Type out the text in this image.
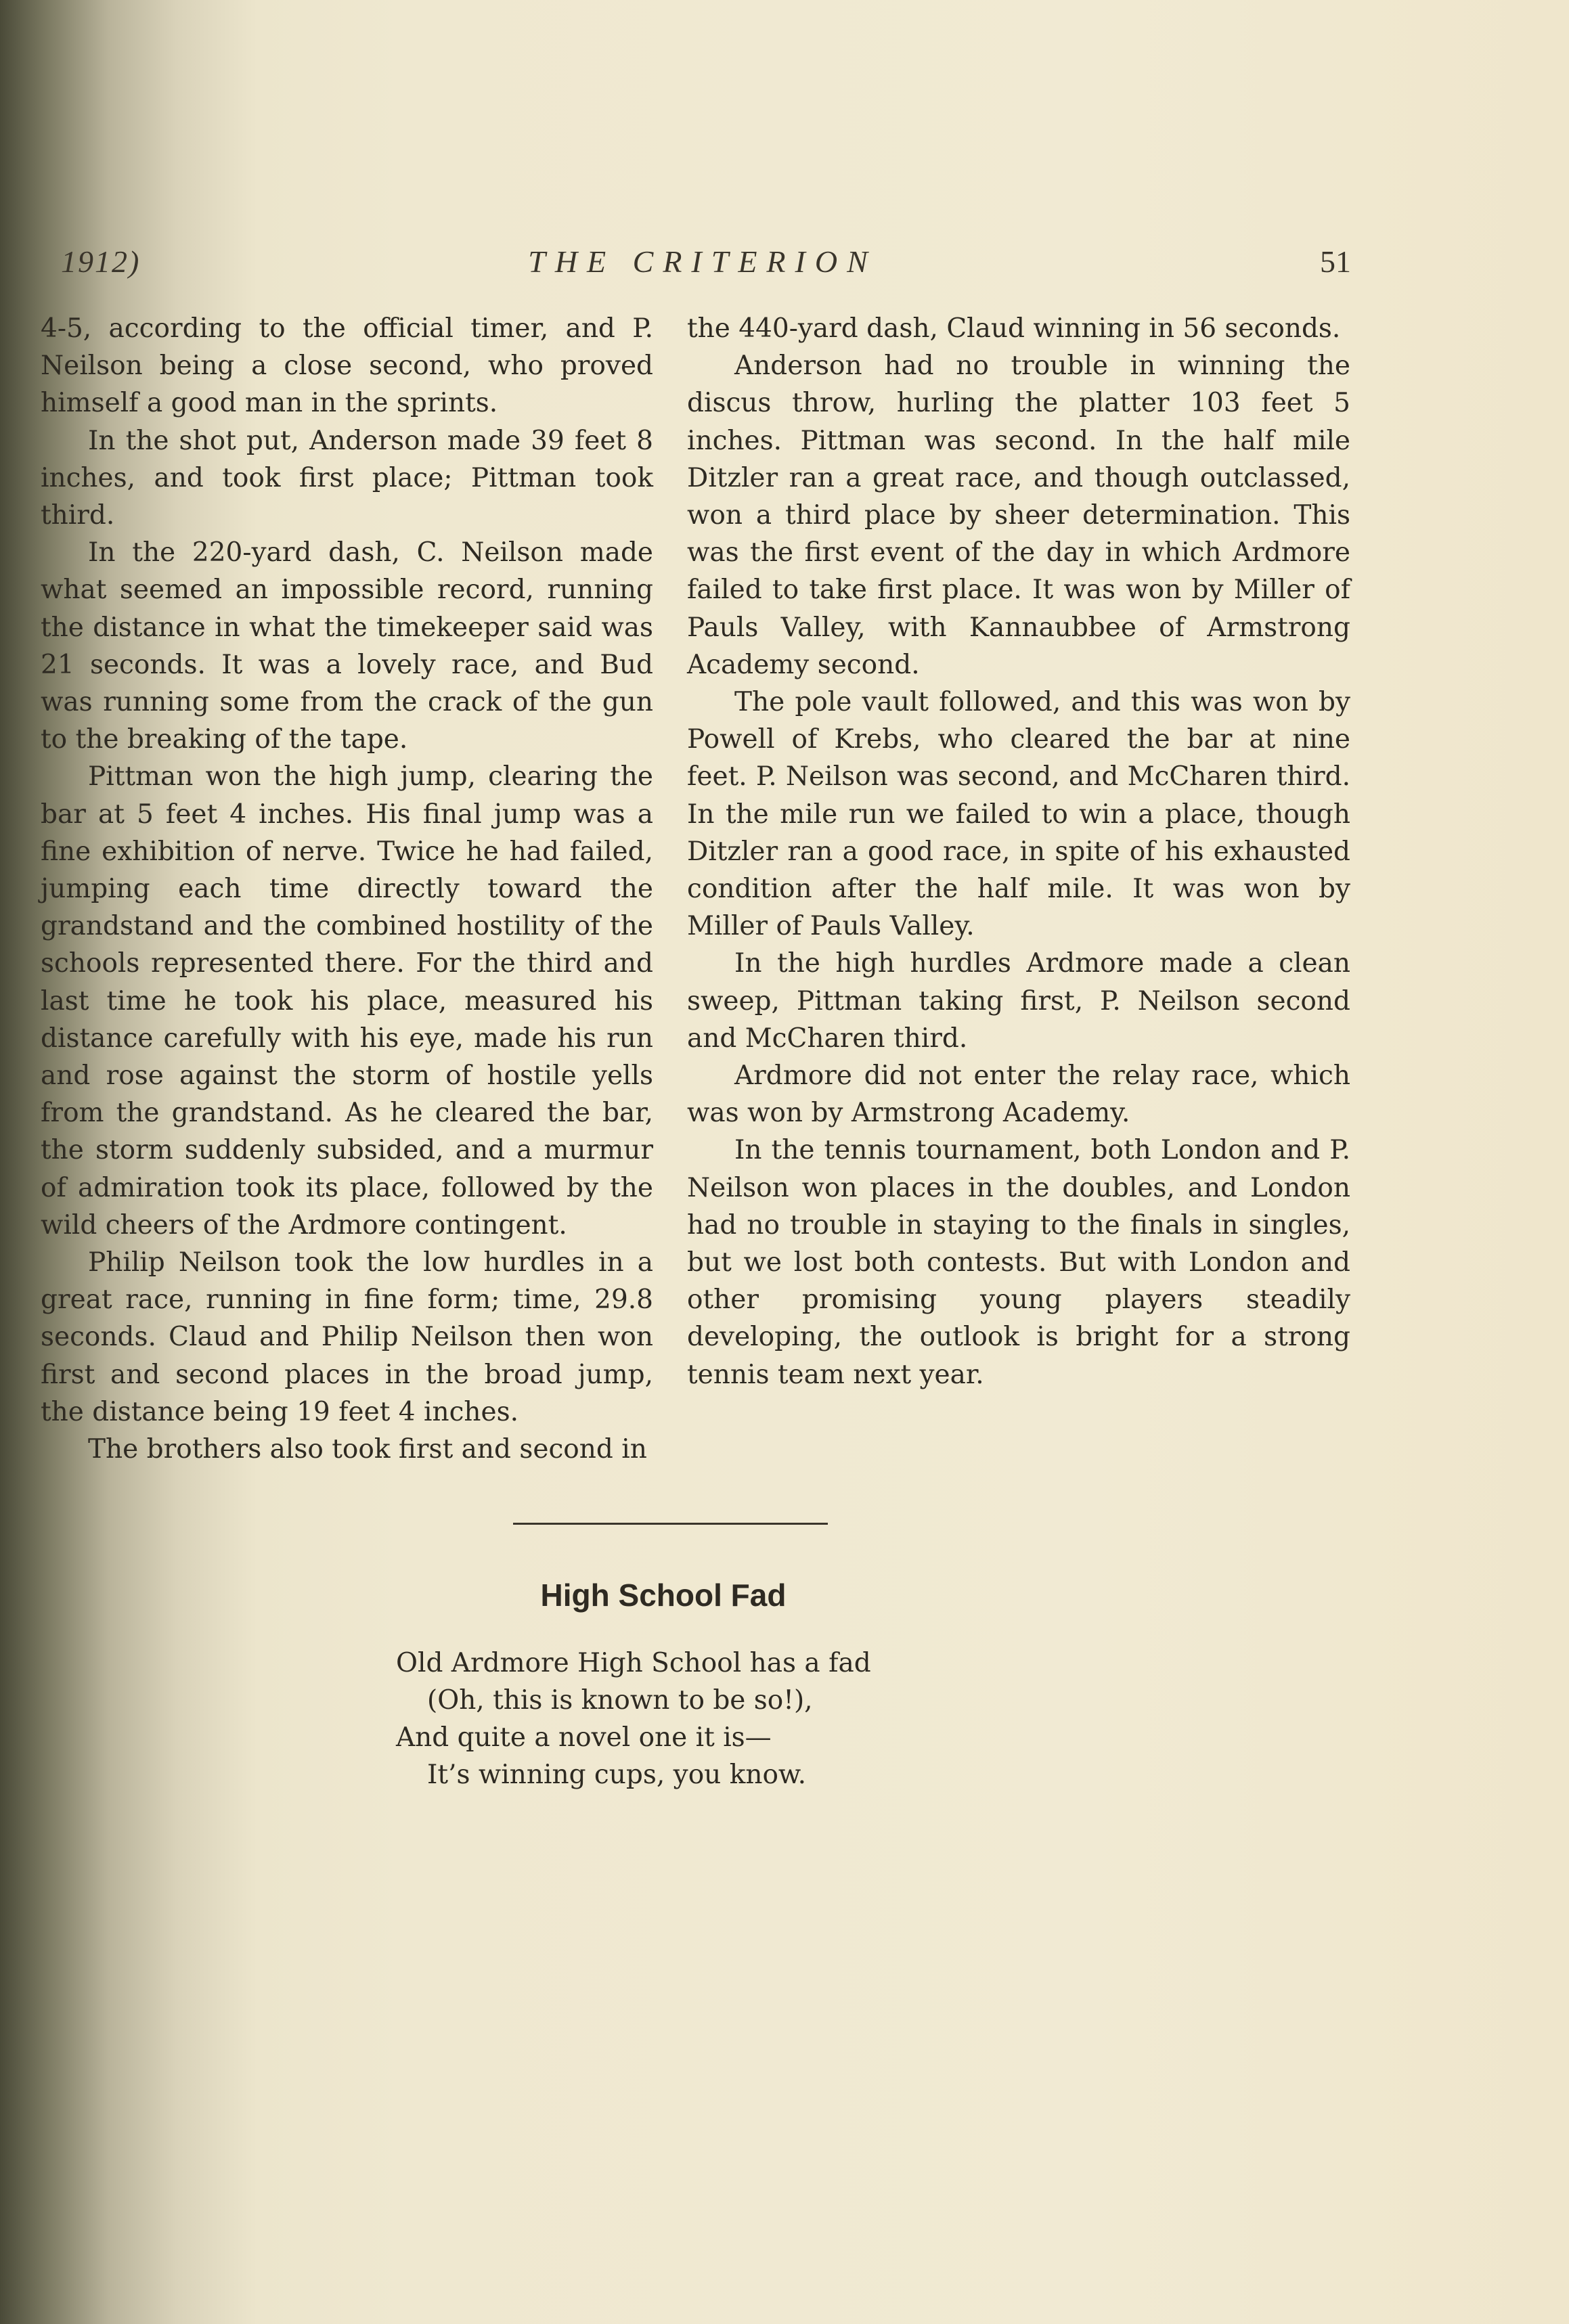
1912)	THE CRITERION	51

4-5, according to the official timer, and P. Neilson being a close second, who proved himself a good man in the sprints.

In the shot put, Anderson made 39 feet 8 inches, and took first place; Pittman took third.

In the 220-yard dash, C. Neilson made what seemed an impossible record, running the distance in what the timekeeper said was 21 seconds. It was a lovely race, and Bud was running some from the crack of the gun to the breaking of the tape.

Pittman won the high jump, clearing the bar at 5 feet 4 inches. His final jump was a fine exhibition of nerve. Twice he had failed, jumping each time directly toward the grandstand and the combined hostility of the schools represented there. For the third and last time he took his place, measured his distance carefully with his eye, made his run and rose against the storm of hostile yells from the grandstand. As he cleared the bar, the storm suddenly subsided, and a murmur of admiration took its place, followed by the wild cheers of the Ardmore contingent.

Philip Neilson took the low hurdles in a great race, running in fine form; time, 29.8 seconds. Claud and Philip Neilson then won first and second places in the broad jump, the distance being 19 feet 4 inches.

The brothers also took first and second in

the 440-yard dash, Claud winning in 56 seconds.

Anderson had no trouble in winning the discus throw, hurling the platter 103 feet 5 inches. Pittman was second. In the half mile Ditzler ran a great race, and though outclassed, won a third place by sheer determination. This was the first event of the day in which Ardmore failed to take first place. It was won by Miller of Pauls Valley, with Kannaubbee of Armstrong Academy second.

The pole vault followed, and this was won by Powell of Krebs, who cleared the bar at nine feet. P. Neilson was second, and McCharen third. In the mile run we failed to win a place, though Ditzler ran a good race, in spite of his exhausted condition after the half mile. It was won by Miller of Pauls Valley.

In the high hurdles Ardmore made a clean sweep, Pittman taking first, P. Neilson second and McCharen third.

Ardmore did not enter the relay race, which was won by Armstrong Academy.

In the tennis tournament, both London and P. Neilson won places in the doubles, and London had no trouble in staying to the finals in singles, but we lost both contests. But with London and other promising young players steadily developing, the outlook is bright for a strong tennis team next year.

High School Fad
Old Ardmore High School has a fad
(Oh, this is known to be so!),
And quite a novel one it is—
It’s winning cups, you know.
